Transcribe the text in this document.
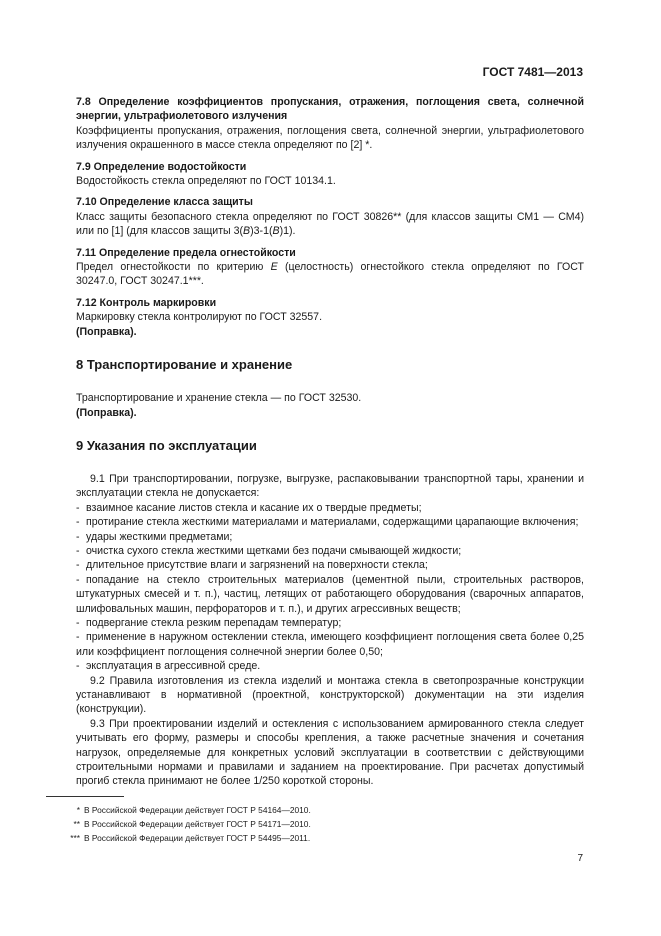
ГОСТ 7481—2013

7.8 Определение коэффициентов пропускания, отражения, поглощения света, солнечной энергии, ультрафиолетового излучения

Коэффициенты пропускания, отражения, поглощения света, солнечной энергии, ультрафиолетового излучения окрашенного в массе стекла определяют по [2] *.

7.9 Определение водостойкости

Водостойкость стекла определяют по ГОСТ 10134.1.

7.10 Определение класса защиты

Класс защиты безопасного стекла определяют по ГОСТ 30826** (для классов защиты СМ1 — СМ4) или по [1] (для классов защиты 3(В)3-1(В)1).

7.11 Определение предела огнестойкости

Предел огнестойкости по критерию Е (целостность) огнестойкого стекла определяют по ГОСТ 30247.0, ГОСТ 30247.1***.

7.12 Контроль маркировки

Маркировку стекла контролируют по ГОСТ 32557.

(Поправка).

8 Транспортирование и хранение

Транспортирование и хранение стекла — по ГОСТ 32530.

(Поправка).

9 Указания по эксплуатации

9.1 При транспортировании, погрузке, выгрузке, распаковывании транспортной тары, хранении и эксплуатации стекла не допускается:

- взаимное касание листов стекла и касание их о твердые предметы;

- протирание стекла жесткими материалами и материалами, содержащими царапающие включения;

- удары жесткими предметами;

- очистка сухого стекла жесткими щетками без подачи смывающей жидкости;

- длительное присутствие влаги и загрязнений на поверхности стекла;

- попадание на стекло строительных материалов (цементной пыли, строительных растворов, штукатурных смесей и т. п.), частиц, летящих от работающего оборудования (сварочных аппаратов, шлифовальных машин, перфораторов и т. п.), и других агрессивных веществ;

- подвергание стекла резким перепадам температур;

- применение в наружном остеклении стекла, имеющего коэффициент поглощения света более 0,25 или коэффициент поглощения солнечной энергии более 0,50;

- эксплуатация в агрессивной среде.

9.2 Правила изготовления из стекла изделий и монтажа стекла в светопрозрачные конструкции устанавливают в нормативной (проектной, конструкторской) документации на эти изделия (конструкции).

9.3 При проектировании изделий и остекления с использованием армированного стекла следует учитывать его форму, размеры и способы крепления, а также расчетные значения и сочетания нагрузок, определяемые для конкретных условий эксплуатации в соответствии с действующими строительными нормами и правилами и заданием на проектирование. При расчетах допустимый прогиб стекла принимают не более 1/250 короткой стороны.

* В Российской Федерации действует ГОСТ Р 54164—2010.
** В Российской Федерации действует ГОСТ Р 54171—2010.
*** В Российской Федерации действует ГОСТ Р 54495—2011.
7
